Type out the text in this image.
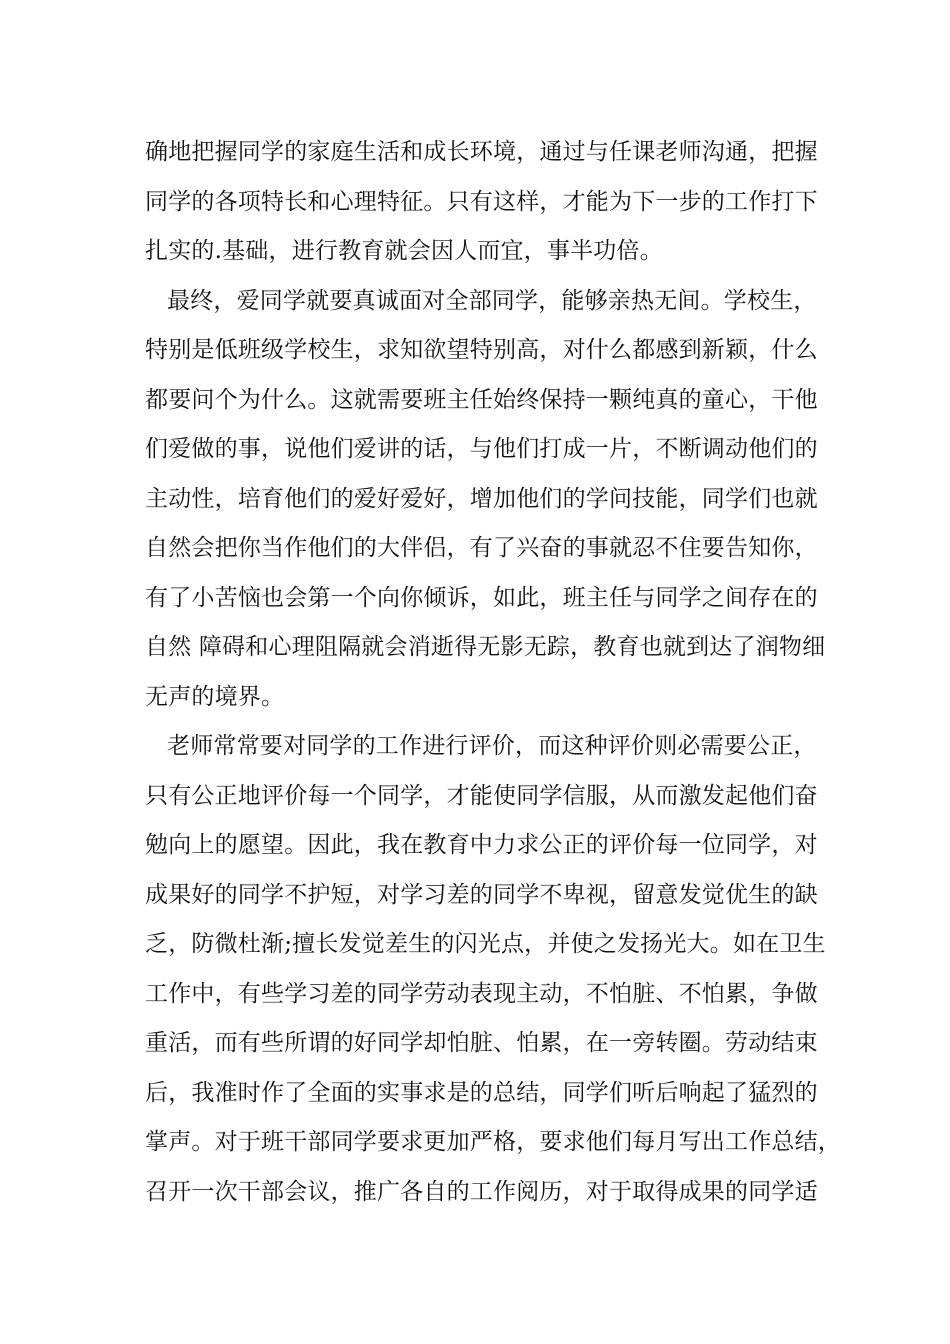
确地把握同学的家庭生活和成长环境，通过与任课老师沟通，把握
同学的各项特长和心理特征。只有这样，才能为下一步的工作打下
扎实的.基础，进行教育就会因人而宜，事半功倍。
最终，爱同学就要真诚面对全部同学，能够亲热无间。学校生，
特别是低班级学校生，求知欲望特别高，对什么都感到新颖，什么
都要问个为什么。这就需要班主任始终保持一颗纯真的童心，干他
们爱做的事，说他们爱讲的话，与他们打成一片，不断调动他们的
主动性，培育他们的爱好爱好，增加他们的学问技能，同学们也就
自然会把你当作他们的大伴侣，有了兴奋的事就忍不住要告知你，
有了小苦恼也会第一个向你倾诉，如此，班主任与同学之间存在的
自然 障碍和心理阻隔就会消逝得无影无踪，教育也就到达了润物细
无声的境界。
老师常常要对同学的工作进行评价，而这种评价则必需要公正，
只有公正地评价每一个同学，才能使同学信服，从而激发起他们奋
勉向上的愿望。因此，我在教育中力求公正的评价每一位同学，对
成果好的同学不护短，对学习差的同学不卑视，留意发觉优生的缺
乏，防微杜渐;擅长发觉差生的闪光点，并使之发扬光大。如在卫生
工作中，有些学习差的同学劳动表现主动，不怕脏、不怕累，争做
重活，而有些所谓的好同学却怕脏、怕累，在一旁转圈。劳动结束
后，我准时作了全面的实事求是的总结，同学们听后响起了猛烈的
掌声。对于班干部同学要求更加严格，要求他们每月写出工作总结，
召开一次干部会议，推广各自的工作阅历，对于取得成果的同学适
